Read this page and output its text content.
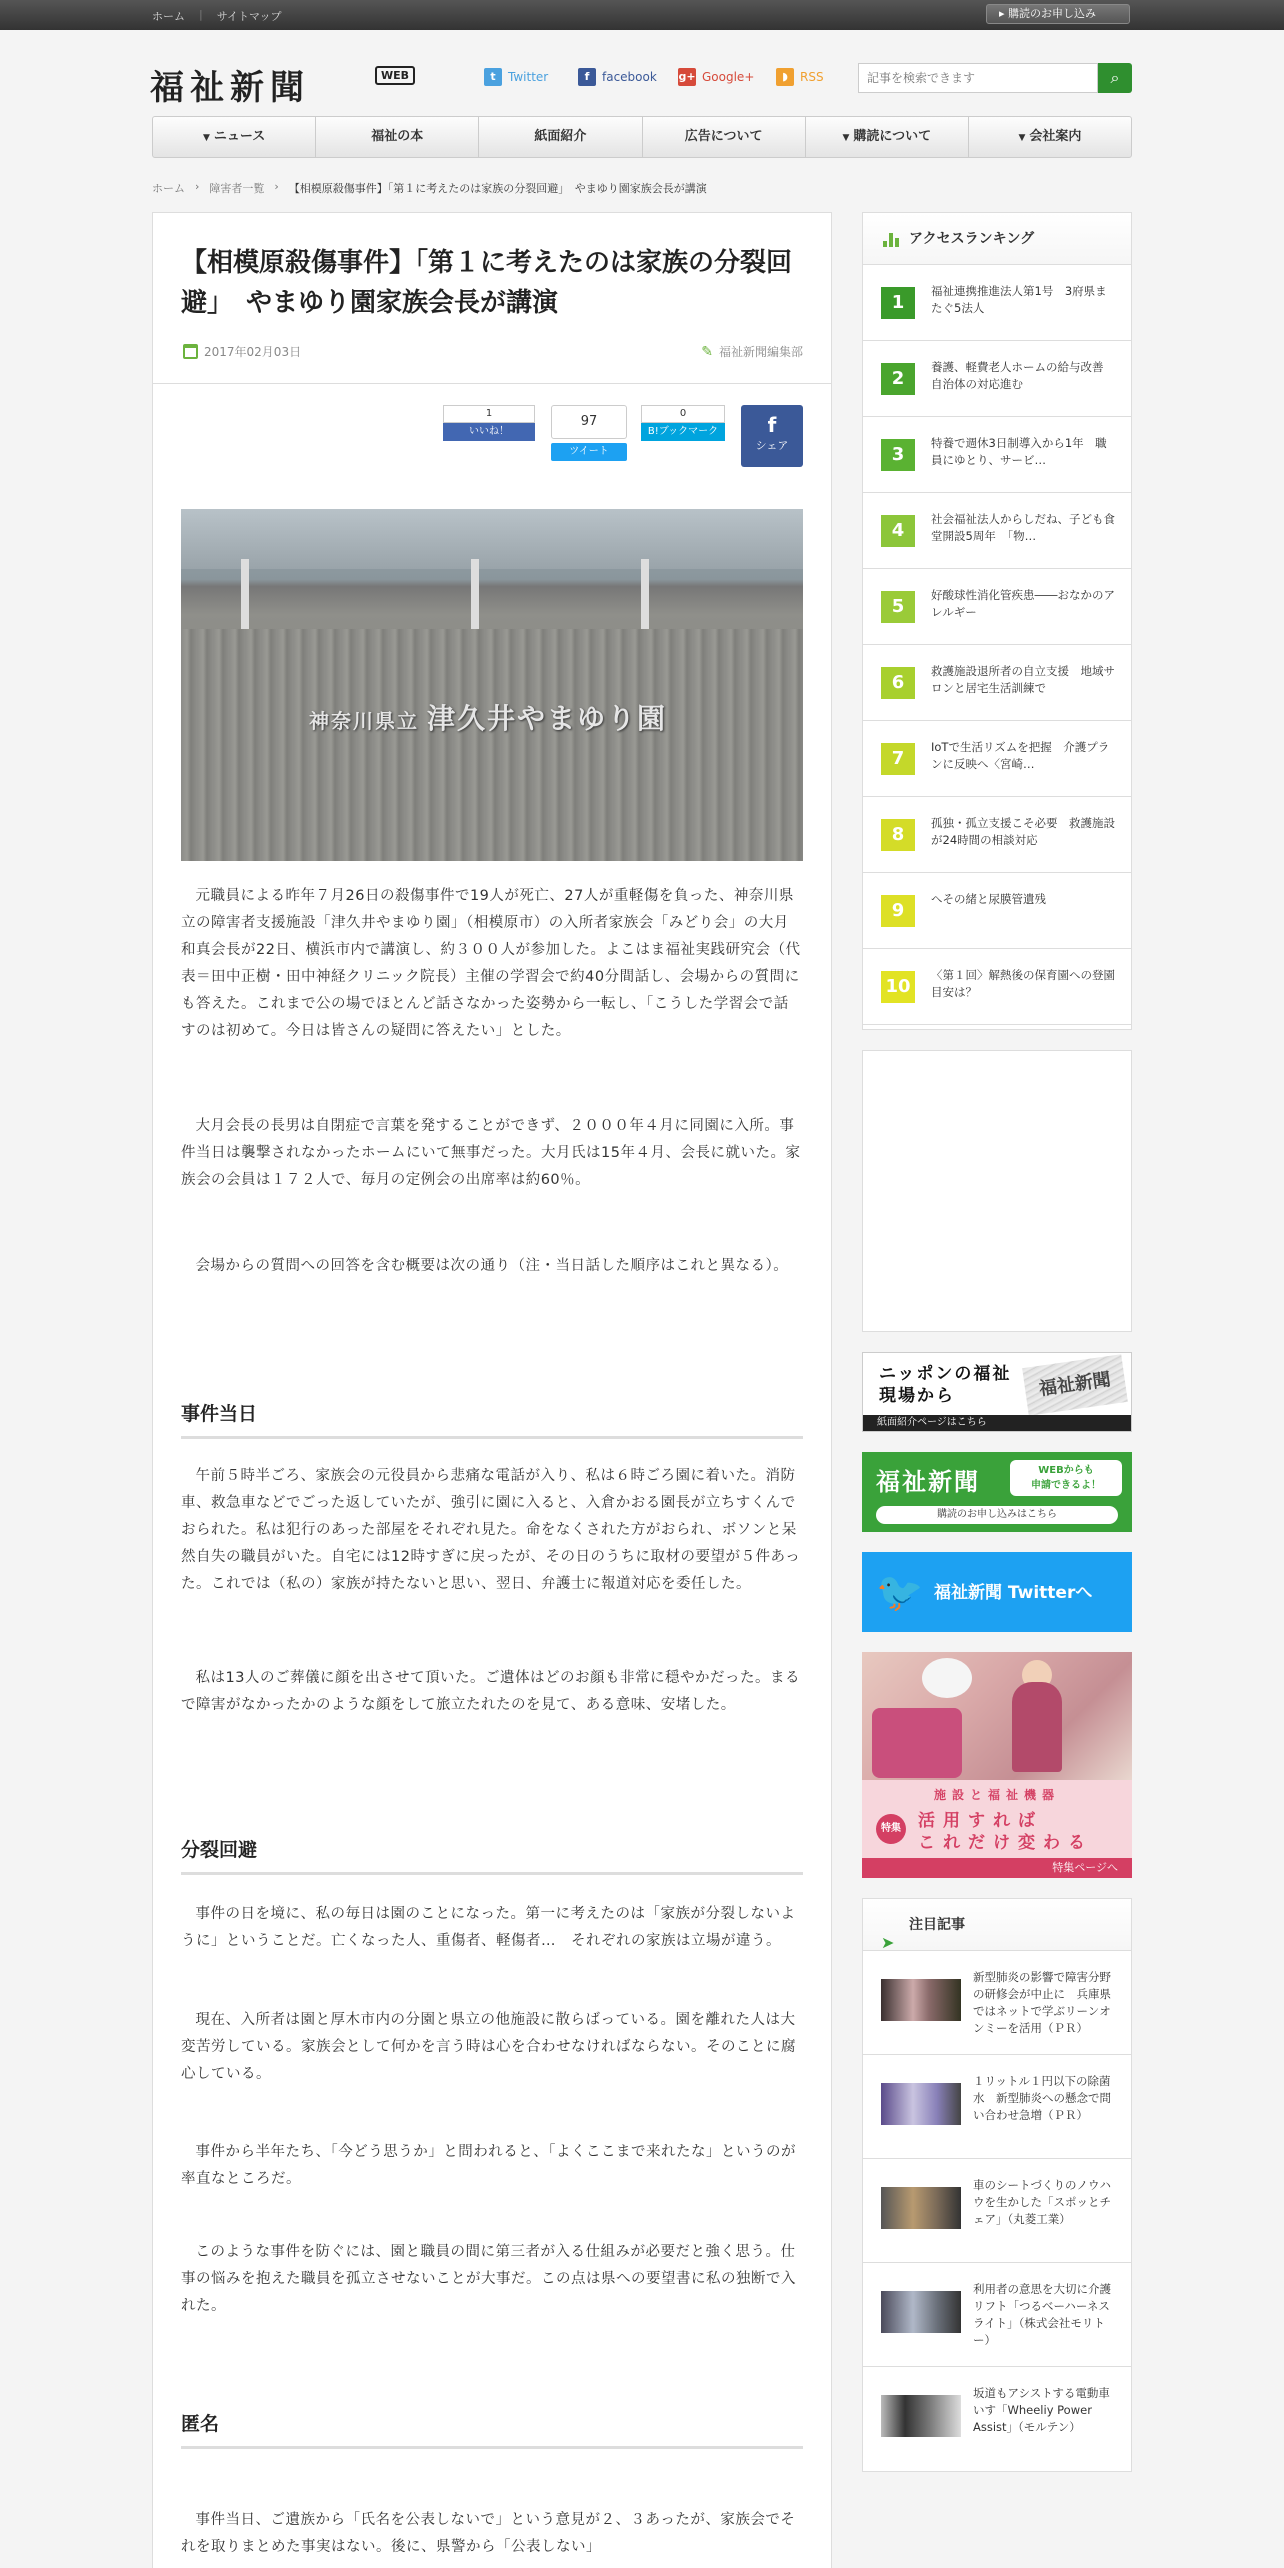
ホーム | サイトマップ
▸	購読のお申し込み
福祉新聞	WEB	t	Twitter	f	facebook g+ Google+	◗	RSS
記事を検索できます	⌕
▼ ニュース	福祉の本	紙面紹介	広告について	▼ 購読について	▼ 会社案内
ホーム › 障害者一覧 › 【相模原殺傷事件】「第１に考えたのは家族の分裂回避」　やまゆり園家族会長が講演
【相模原殺傷事件】「第１に考えたのは家族の分裂回避」　やまゆり園家族会長が講演
2017年02月03日	✎ 福祉新聞編集部
1
いいね！
97
ツイート
0
B!ブックマーク	f
シェア
神奈川県立 津久井やまゆり園

元職員による昨年７月26日の殺傷事件で19人が死亡、27人が重軽傷を負った、神奈川県立の障害者支援施設「津久井やまゆり園」（相模原市）の入所者家族会「みどり会」の大月和真会長が22日、横浜市内で講演し、約３００人が参加した。よこはま福祉実践研究会（代表＝田中正樹・田中神経クリニック院長）主催の学習会で約40分間話し、会場からの質問にも答えた。これまで公の場でほとんど話さなかった姿勢から一転し、「こうした学習会で話すのは初めて。今日は皆さんの疑問に答えたい」とした。

大月会長の長男は自閉症で言葉を発することができず、２０００年４月に同園に入所。事件当日は襲撃されなかったホームにいて無事だった。大月氏は15年４月、会長に就いた。家族会の会員は１７２人で、毎月の定例会の出席率は約60％。

会場からの質問への回答を含む概要は次の通り（注・当日話した順序はこれと異なる）。

事件当日

午前５時半ごろ、家族会の元役員から悲痛な電話が入り、私は６時ごろ園に着いた。消防車、救急車などでごった返していたが、強引に園に入ると、入倉かおる園長が立ちすくんでおられた。私は犯行のあった部屋をそれぞれ見た。命をなくされた方がおられ、ボソンと呆然自失の職員がいた。自宅には12時すぎに戻ったが、その日のうちに取材の要望が５件あった。これでは（私の）家族が持たないと思い、翌日、弁護士に報道対応を委任した。

私は13人のご葬儀に顔を出させて頂いた。ご遺体はどのお顔も非常に穏やかだった。まるで障害がなかったかのような顔をして旅立たれたのを見て、ある意味、安堵した。

分裂回避

事件の日を境に、私の毎日は園のことになった。第一に考えたのは「家族が分裂しないように」ということだ。亡くなった人、重傷者、軽傷者…　それぞれの家族は立場が違う。

現在、入所者は園と厚木市内の分園と県立の他施設に散らばっている。園を離れた人は大変苦労している。家族会として何かを言う時は心を合わせなければならない。そのことに腐心している。

事件から半年たち、「今どう思うか」と問われると、「よくここまで来れたな」というのが率直なところだ。

このような事件を防ぐには、園と職員の間に第三者が入る仕組みが必要だと強く思う。仕事の悩みを抱えた職員を孤立させないことが大事だ。この点は県への要望書に私の独断で入れた。

匿名

事件当日、ご遺族から「氏名を公表しないで」という意見が２、３あったが、家族会でそれを取りまとめた事実はない。後に、県警から「公表しない」

アクセスランキング
1
福祉連携推進法人第1号　3府県またぐ5法人
2
養護、軽費老人ホームの給与改善　自治体の対応進む
3
特養で週休3日制導入から1年　職員にゆとり、サービ…
4
社会福祉法人からしだね、子ども食堂開設5周年　「物…
5
好酸球性消化管疾患――おなかのアレルギー
6
救護施設退所者の自立支援　地域サロンと居宅生活訓練で
7
IoTで生活リズムを把握　介護プランに反映へ〈宮崎…
8
孤独・孤立支援こそ必要　救護施設が24時間の相談対応
9
へその緒と尿膜管遺残
10
〈第１回〉解熱後の保育園への登園目安は？
ニッポンの福祉
現場から	福祉新聞
紙面紹介ページはこちら
福祉新聞	WEBからも
申請できるよ！
購読のお申し込みはこちら
🐦 福祉新聞 Twitterへ
施設と福祉機器
特集 活用すれば
これだけ変わる
特集ページへ
➤
注目記事
新型肺炎の影響で障害分野の研修会が中止に　兵庫県ではネットで学ぶリーンオンミーを活用（ＰＲ）
１リットル１円以下の除菌水　新型肺炎への懸念で問い合わせ急増（ＰＲ）
車のシートづくりのノウハウを生かした「スポッとチェア」（丸菱工業）
利用者の意思を大切に介護リフト「つるべーハーネスライト」（株式会社モリトー）
坂道もアシストする電動車いす「Wheeliy Power Assist」（モルテン）
